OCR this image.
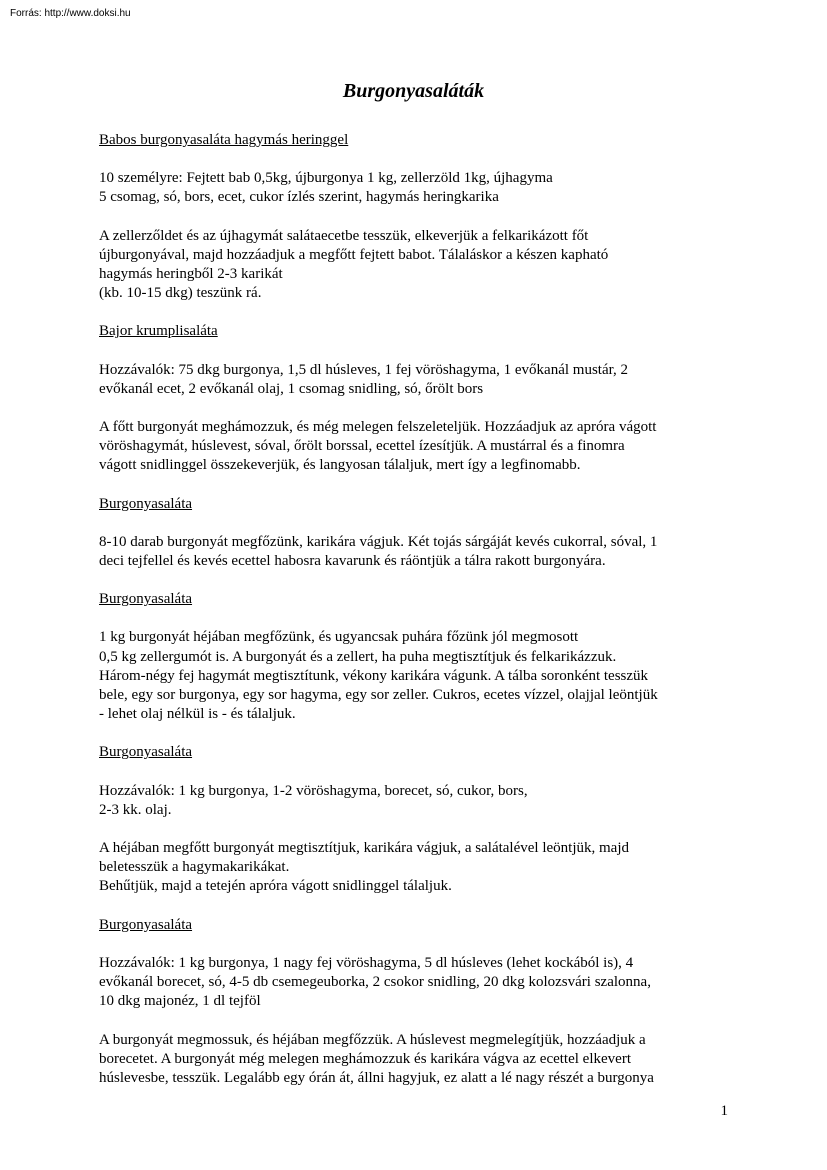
Forrás: http://www.doksi.hu
Burgonyasaláták

Babos burgonyasaláta hagymás heringgel

10 személyre: Fejtett bab 0,5kg, újburgonya 1 kg, zellerzöld 1kg, újhagyma
5 csomag, só, bors, ecet, cukor ízlés szerint, hagymás heringkarika

A zellerzőldet és az újhagymát salátaecetbe tesszük, elkeverjük a felkarikázott főt
újburgonyával, majd hozzáadjuk a megfőtt fejtett babot. Tálaláskor a készen kapható
hagymás heringből 2-3 karikát
(kb. 10-15 dkg) teszünk rá.

Bajor krumplisaláta

Hozzávalók: 75 dkg burgonya, 1,5 dl húsleves, 1 fej vöröshagyma, 1 evőkanál mustár, 2
evőkanál ecet, 2 evőkanál olaj, 1 csomag snidling, só, őrölt bors

A főtt burgonyát meghámozzuk, és még melegen felszeleteljük. Hozzáadjuk az apróra vágott
vöröshagymát, húslevest, sóval, őrölt borssal, ecettel ízesítjük. A mustárral és a finomra
vágott snidlinggel összekeverjük, és langyosan tálaljuk, mert így a legfinomabb.

Burgonyasaláta

8-10 darab burgonyát megfőzünk, karikára vágjuk. Két tojás sárgáját kevés cukorral, sóval, 1
deci tejfellel és kevés ecettel habosra kavarunk és ráöntjük a tálra rakott burgonyára.

Burgonyasaláta

1 kg burgonyát héjában megfőzünk, és ugyancsak puhára főzünk jól megmosott
0,5 kg zellergumót is. A burgonyát és a zellert, ha puha megtisztítjuk és felkarikázzuk.
Három-négy fej hagymát megtisztítunk, vékony karikára vágunk. A tálba soronként tesszük
bele, egy sor burgonya, egy sor hagyma, egy sor zeller. Cukros, ecetes vízzel, olajjal leöntjük
- lehet olaj nélkül is - és tálaljuk.

Burgonyasaláta

Hozzávalók: 1 kg burgonya, 1-2 vöröshagyma, borecet, só, cukor, bors,
2-3 kk. olaj.

A héjában megfőtt burgonyát megtisztítjuk, karikára vágjuk, a salátalével leöntjük, majd
beletesszük a hagymakarikákat.
Behűtjük, majd a tetején apróra vágott snidlinggel tálaljuk.

Burgonyasaláta

Hozzávalók: 1 kg burgonya, 1 nagy fej vöröshagyma, 5 dl húsleves (lehet kockából is), 4
evőkanál borecet, só, 4-5 db csemegeuborka, 2 csokor snidling, 20 dkg kolozsvári szalonna,
10 dkg majonéz, 1 dl tejföl

A burgonyát megmossuk, és héjában megfőzzük. A húslevest megmelegítjük, hozzáadjuk a
borecetet. A burgonyát még melegen meghámozzuk és karikára vágva az ecettel elkevert
húslevesbe, tesszük. Legalább egy órán át, állni hagyjuk, ez alatt a lé nagy részét a burgonya

1
